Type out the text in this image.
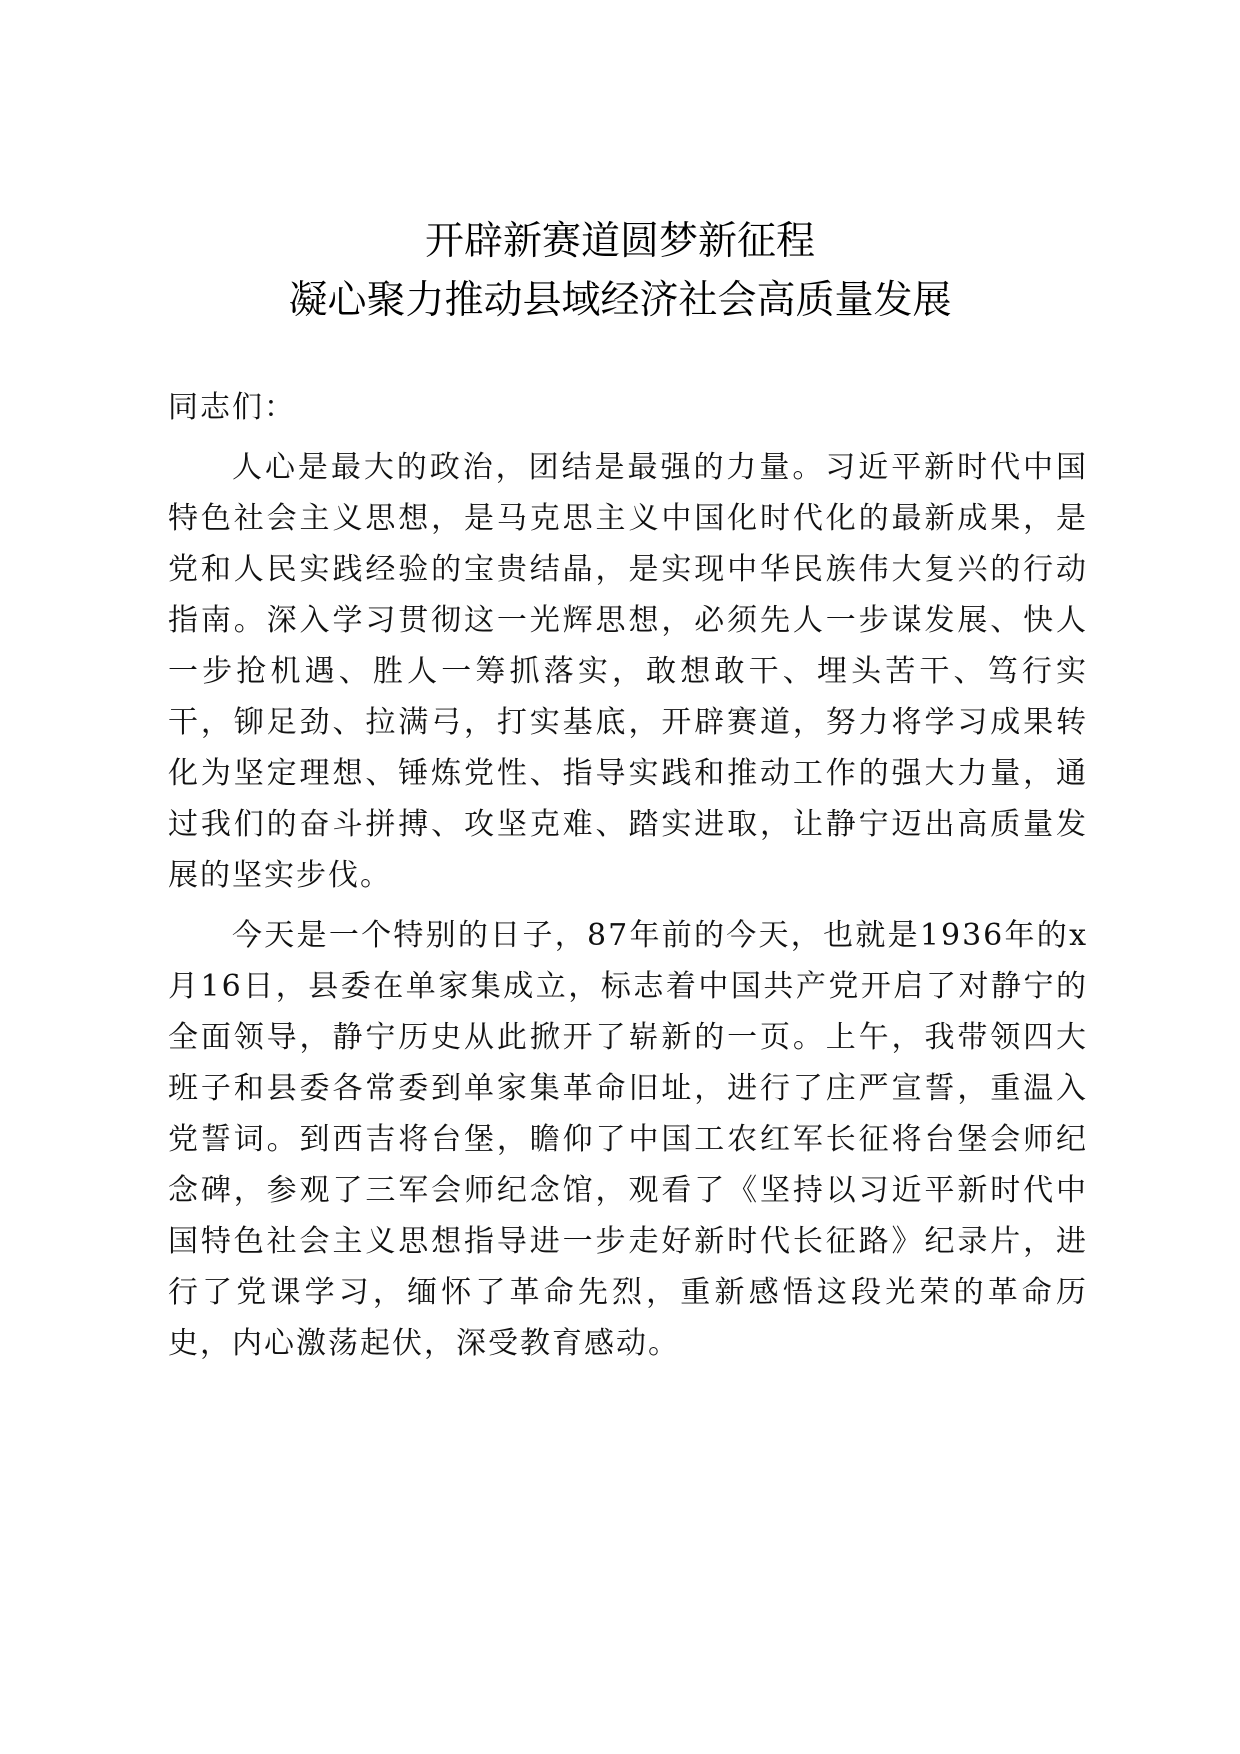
开辟新赛道圆梦新征程
凝心聚力推动县域经济社会高质量发展

同志们：

人心是最大的政治，团结是最强的力量。习近平新时代中国特色社会主义思想，是马克思主义中国化时代化的最新成果，是党和人民实践经验的宝贵结晶，是实现中华民族伟大复兴的行动指南。深入学习贯彻这一光辉思想，必须先人一步谋发展、快人一步抢机遇、胜人一筹抓落实，敢想敢干、埋头苦干、笃行实干，铆足劲、拉满弓，打实基底，开辟赛道，努力将学习成果转化为坚定理想、锤炼党性、指导实践和推动工作的强大力量，通过我们的奋斗拼搏、攻坚克难、踏实进取，让静宁迈出高质量发展的坚实步伐。

今天是一个特别的日子，87年前的今天，也就是1936年的x 月16日，县委在单家集成立，标志着中国共产党开启了对静宁的全面领导，静宁历史从此掀开了崭新的一页。上午，我带领四大班子和县委各常委到单家集革命旧址，进行了庄严宣誓，重温入党誓词。到西吉将台堡，瞻仰了中国工农红军长征将台堡会师纪念碑，参观了三军会师纪念馆，观看了《坚持以习近平新时代中国特色社会主义思想指导进一步走好新时代长征路》纪录片，进行了党课学习，缅怀了革命先烈，重新感悟这段光荣的革命历史，内心激荡起伏，深受教育感动。
